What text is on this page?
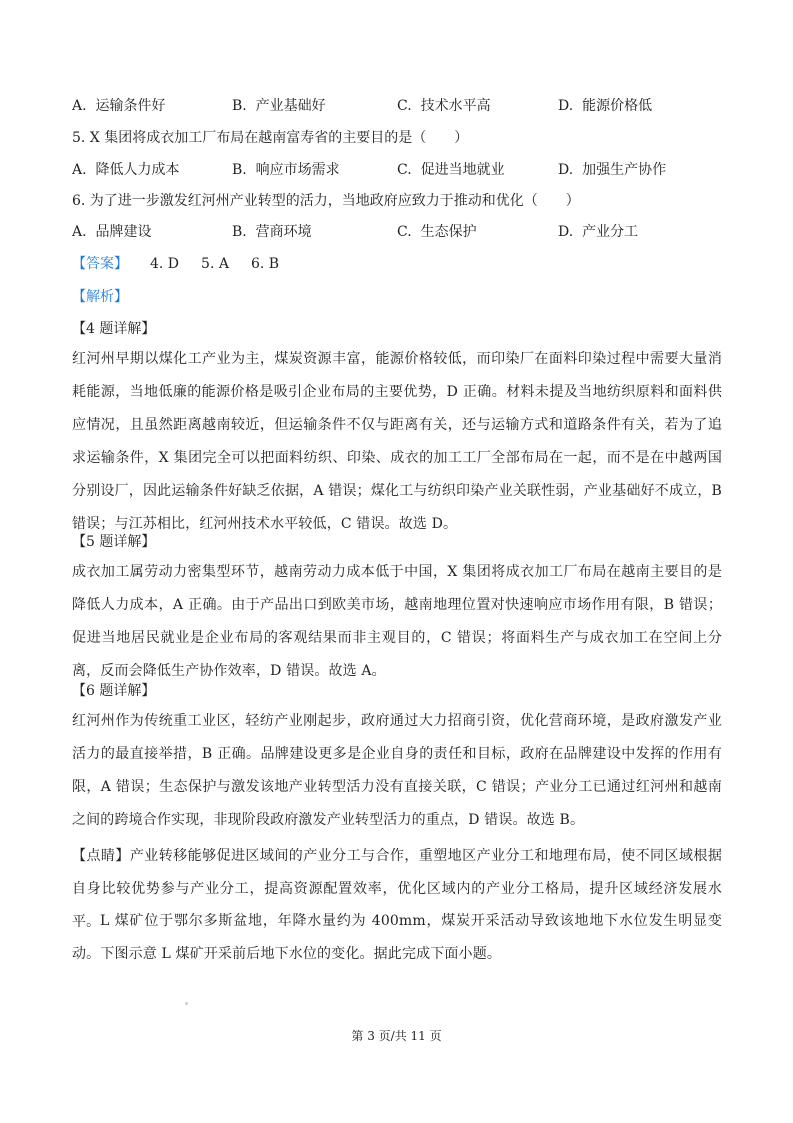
A. 运输条件好	B. 产业基础好	C. 技术水平高	D. 能源价格低
5. X 集团将成衣加工厂布局在越南富寿省的主要目的是（　　）
A. 降低人力成本	B. 响应市场需求	C. 促进当地就业	D. 加强生产协作
6. 为了进一步激发红河州产业转型的活力，当地政府应致力于推动和优化（　　）
A. 品牌建设	B. 营商环境	C. 生态保护	D. 产业分工
【答案】 4. D 5. A 6. B
【解析】
【4 题详解】
红河州早期以煤化工产业为主，煤炭资源丰富，能源价格较低，而印染厂在面料印染过程中需要大量消耗能源，当地低廉的能源价格是吸引企业布局的主要优势，D 正确。材料未提及当地纺织原料和面料供应情况，且虽然距离越南较近，但运输条件不仅与距离有关，还与运输方式和道路条件有关，若为了追求运输条件，X 集团完全可以把面料纺织、印染、成衣的加工工厂全部布局在一起，而不是在中越两国分别设厂，因此运输条件好缺乏依据，A 错误；煤化工与纺织印染产业关联性弱，产业基础好不成立，B 错误；与江苏相比，红河州技术水平较低，C 错误。故选 D。
【5 题详解】
成衣加工属劳动力密集型环节，越南劳动力成本低于中国，X 集团将成衣加工厂布局在越南主要目的是降低人力成本，A 正确。由于产品出口到欧美市场，越南地理位置对快速响应市场作用有限，B 错误；促进当地居民就业是企业布局的客观结果而非主观目的，C 错误；将面料生产与成衣加工在空间上分离，反而会降低生产协作效率，D 错误。故选 A。
【6 题详解】
红河州作为传统重工业区，轻纺产业刚起步，政府通过大力招商引资，优化营商环境，是政府激发产业活力的最直接举措，B 正确。品牌建设更多是企业自身的责任和目标，政府在品牌建设中发挥的作用有限，A 错误；生态保护与激发该地产业转型活力没有直接关联，C 错误；产业分工已通过红河州和越南之间的跨境合作实现，非现阶段政府激发产业转型活力的重点，D 错误。故选 B。
【点睛】产业转移能够促进区域间的产业分工与合作，重塑地区产业分工和地理布局，使不同区域根据自身比较优势参与产业分工，提高资源配置效率，优化区域内的产业分工格局，提升区域经济发展水平。 L 煤矿位于鄂尔多斯盆地，年降水量约为 400mm，煤炭开采活动导致该地地下水位发生明显变动。下图示意 L 煤矿开采前后地下水位的变化。据此完成下面小题。
第 3 页/共 11 页
